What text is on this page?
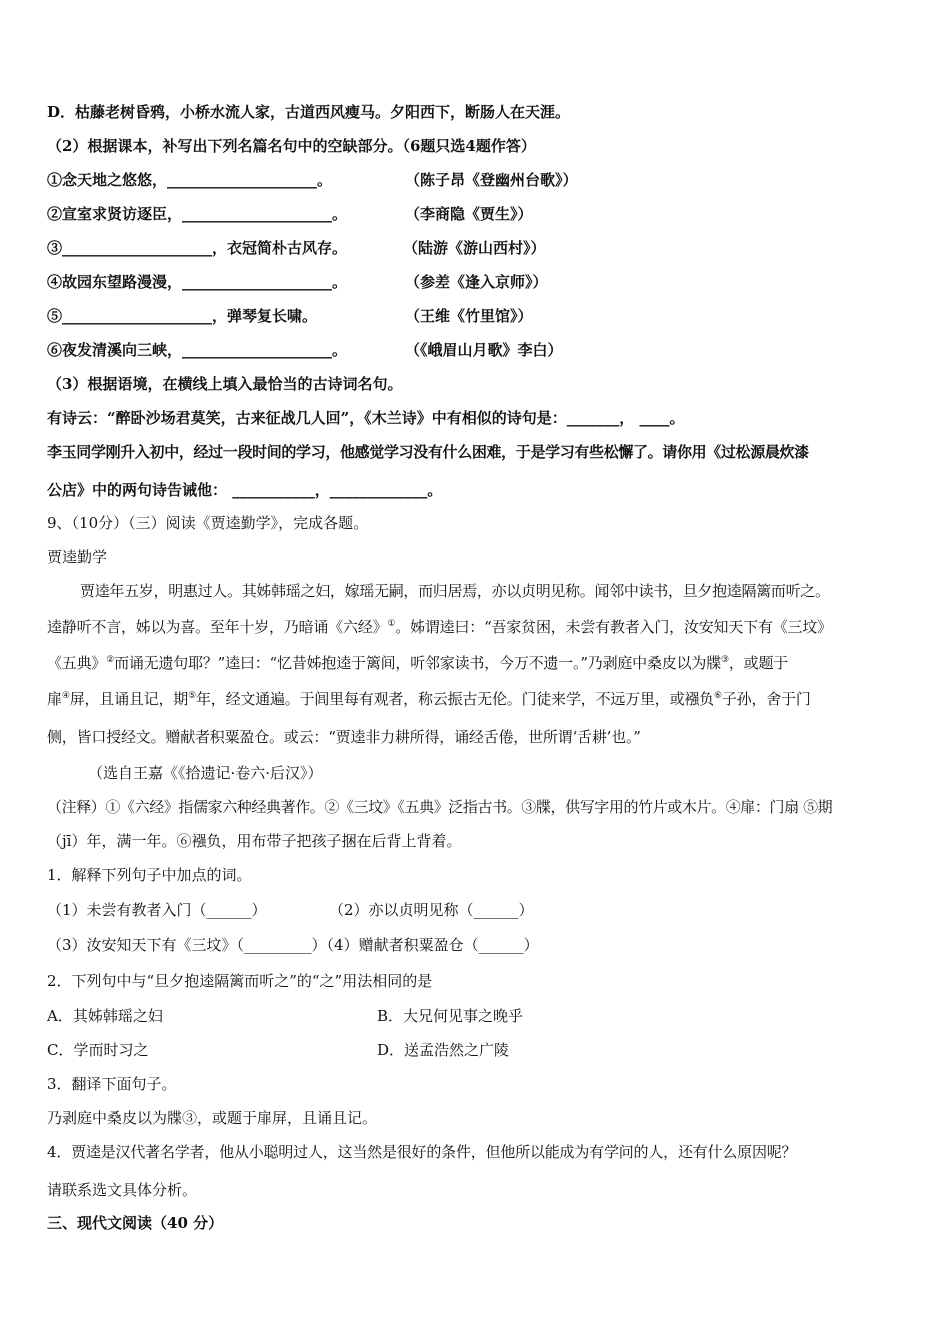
D．枯藤老树昏鸦，小桥水流人家，古道西风瘦马。夕阳西下，断肠人在天涯。
（2）根据课本，补写出下列名篇名句中的空缺部分。（6题只选4题作答）
①念天地之悠悠，____________________。	（陈子昂《登幽州台歌》）
②宣室求贤访逐臣，____________________。	（李商隐《贾生》）
③____________________，衣冠简朴古风存。	（陆游《游山西村》）
④故园东望路漫漫，____________________。	（参差《逢入京师》）
⑤____________________，弹琴复长啸。	（王维《竹里馆》）
⑥夜发清溪向三峡，____________________。	（《峨眉山月歌》李白）
（3）根据语境，在横线上填入最恰当的古诗词名句。
有诗云：“醉卧沙场君莫笑，古来征战几人回”，《木兰诗》中有相似的诗句是：_______， ____。
李玉同学刚升入初中，经过一段时间的学习，他感觉学习没有什么困难，于是学习有些松懈了。请你用《过松源晨炊漆
公店》中的两句诗告诫他： ___________，_____________。
9、（10分）（三）阅读《贾逵勤学》，完成各题。
贾逵勤学
贾逵年五岁，明惠过人。其姊韩瑶之妇，嫁瑶无嗣，而归居焉，亦以贞明见称。闻邻中读书，旦夕抱逵隔篱而听之。
逵静听不言，姊以为喜。至年十岁，乃暗诵《六经》①。姊谓逵曰：“吾家贫困，未尝有教者入门，汝安知天下有《三坟》
《五典》②而诵无遗句耶？”逵曰：“忆昔姊抱逵于篱间，听邻家读书，今万不遗一。”乃剥庭中桑皮以为牒③，或题于
扉④屏，且诵且记，期⑤年，经文通遍。于闾里每有观者，称云振古无伦。门徒来学，不远万里，或襁负⑥子孙，舍于门
侧，皆口授经文。赠献者积粟盈仓。或云：“贾逵非力耕所得，诵经舌倦，世所谓‘舌耕’也。”
（选自王嘉《《拾遗记·卷六·后汉》）
（注释）①《六经》指儒家六种经典著作。②《三坟》《五典》泛指古书。③牒，供写字用的竹片或木片。④扉：门扇 ⑤期
（jī）年，满一年。⑥襁负，用布带子把孩子捆在后背上背着。
1．解释下列句子中加点的词。
（1）未尝有教者入门（______）	（2）亦以贞明见称（______）
（3）汝安知天下有《三坟》（_________）（4）赠献者积粟盈仓（______）
2．下列句中与“旦夕抱逵隔篱而听之”的“之”用法相同的是
A．其姊韩瑶之妇	B．大兄何见事之晚乎
C．学而时习之	D．送孟浩然之广陵
3．翻译下面句子。
乃剥庭中桑皮以为牒③，或题于扉屏，且诵且记。
4．贾逵是汉代著名学者，他从小聪明过人，这当然是很好的条件，但他所以能成为有学问的人，还有什么原因呢？
请联系选文具体分析。
三、现代文阅读（40 分）
